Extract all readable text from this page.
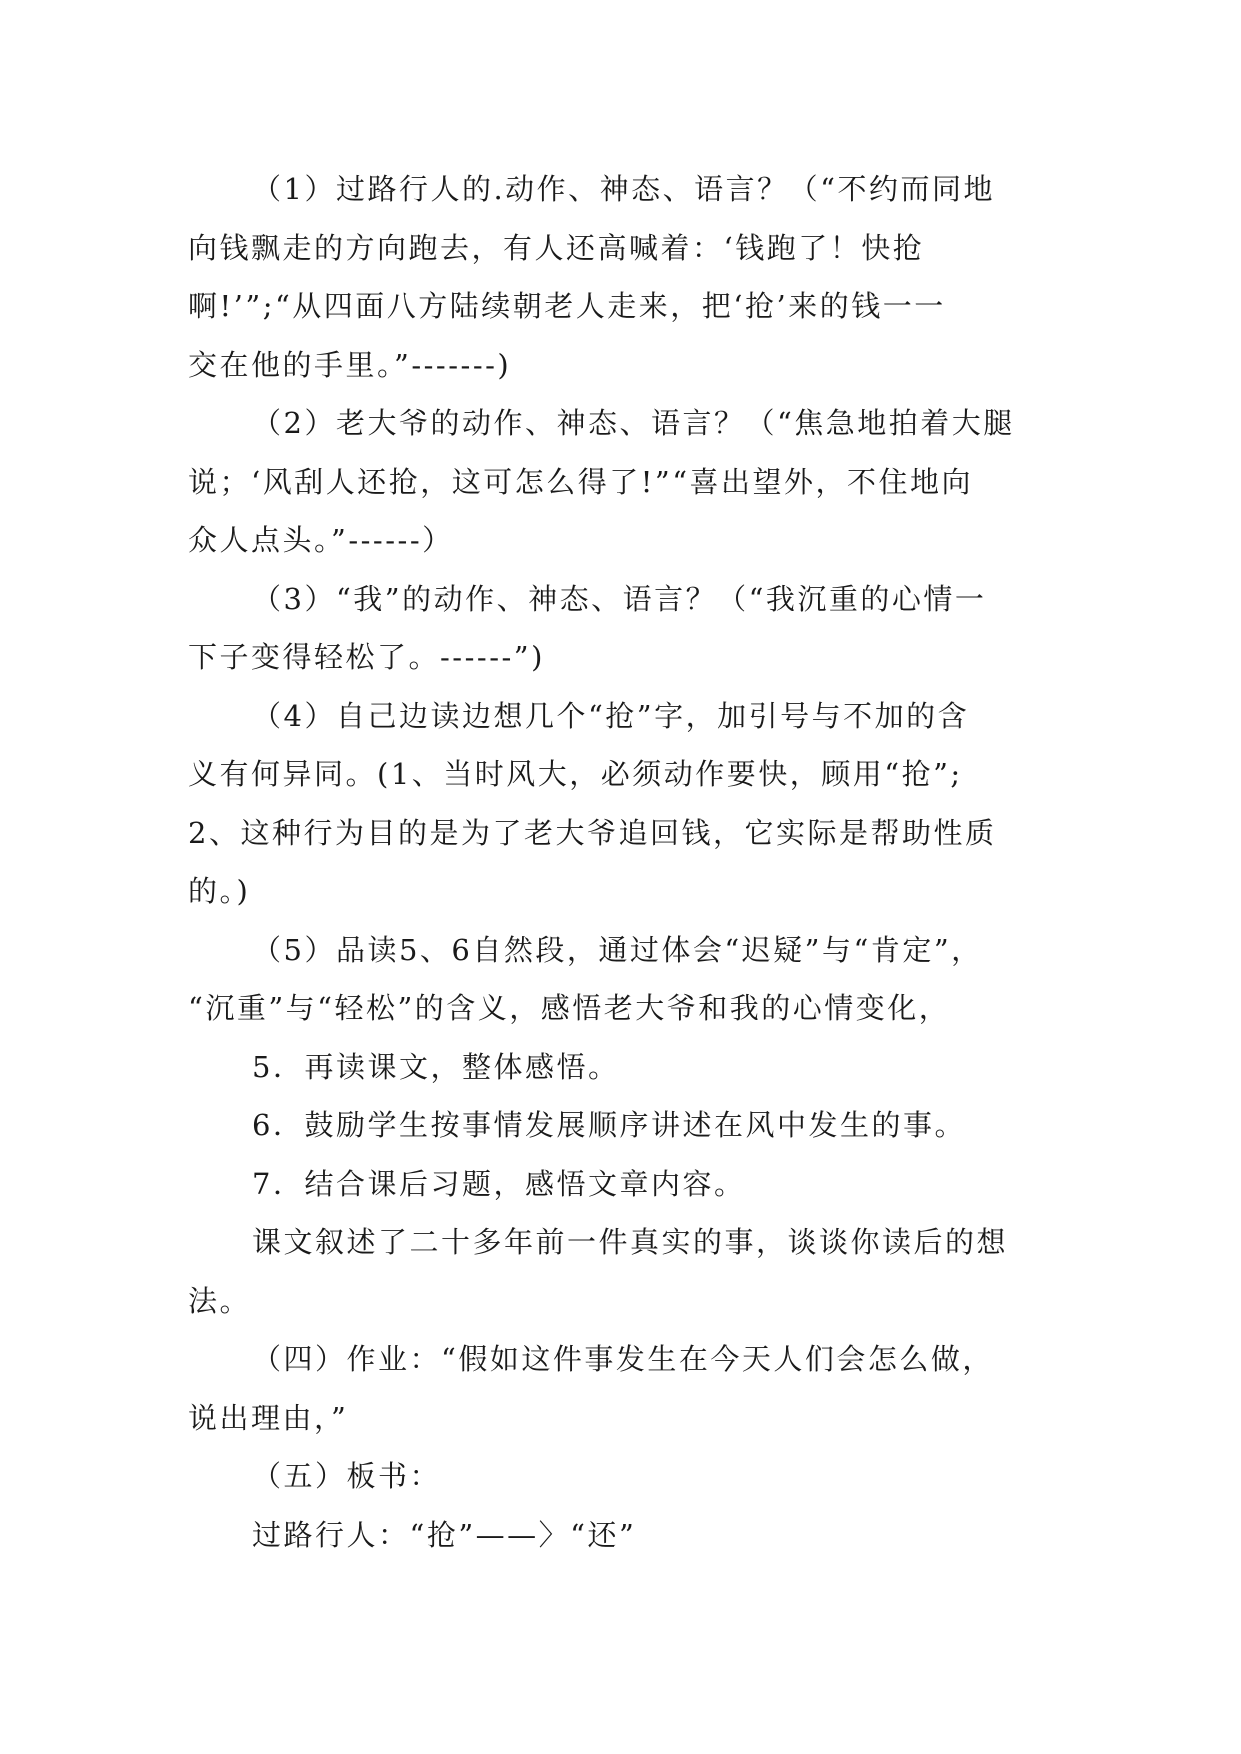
（1）过路行人的.动作、神态、语言？（“不约而同地
向钱飘走的方向跑去，有人还高喊着：‘钱跑了！快抢
啊!’”;“从四面八方陆续朝老人走来，把‘抢’来的钱一一
交在他的手里。”-------)
（2）老大爷的动作、神态、语言？（“焦急地拍着大腿
说；‘风刮人还抢，这可怎么得了!”“喜出望外，不住地向
众人点头。”------）
（3）“我”的动作、神态、语言？（“我沉重的心情一
下子变得轻松了。------”)
（4）自己边读边想几个“抢”字，加引号与不加的含
义有何异同。(1、当时风大，必须动作要快，顾用“抢”;
2、这种行为目的是为了老大爷追回钱，它实际是帮助性质
的。)
（5）品读5、6自然段，通过体会“迟疑”与“肯定”，
“沉重”与“轻松”的含义，感悟老大爷和我的心情变化，
5．再读课文，整体感悟。
6．鼓励学生按事情发展顺序讲述在风中发生的事。
7．结合课后习题，感悟文章内容。
课文叙述了二十多年前一件真实的事，谈谈你读后的想
法。
（四）作业：“假如这件事发生在今天人们会怎么做，
说出理由，”
（五）板书：
过路行人：“抢”——〉“还”
